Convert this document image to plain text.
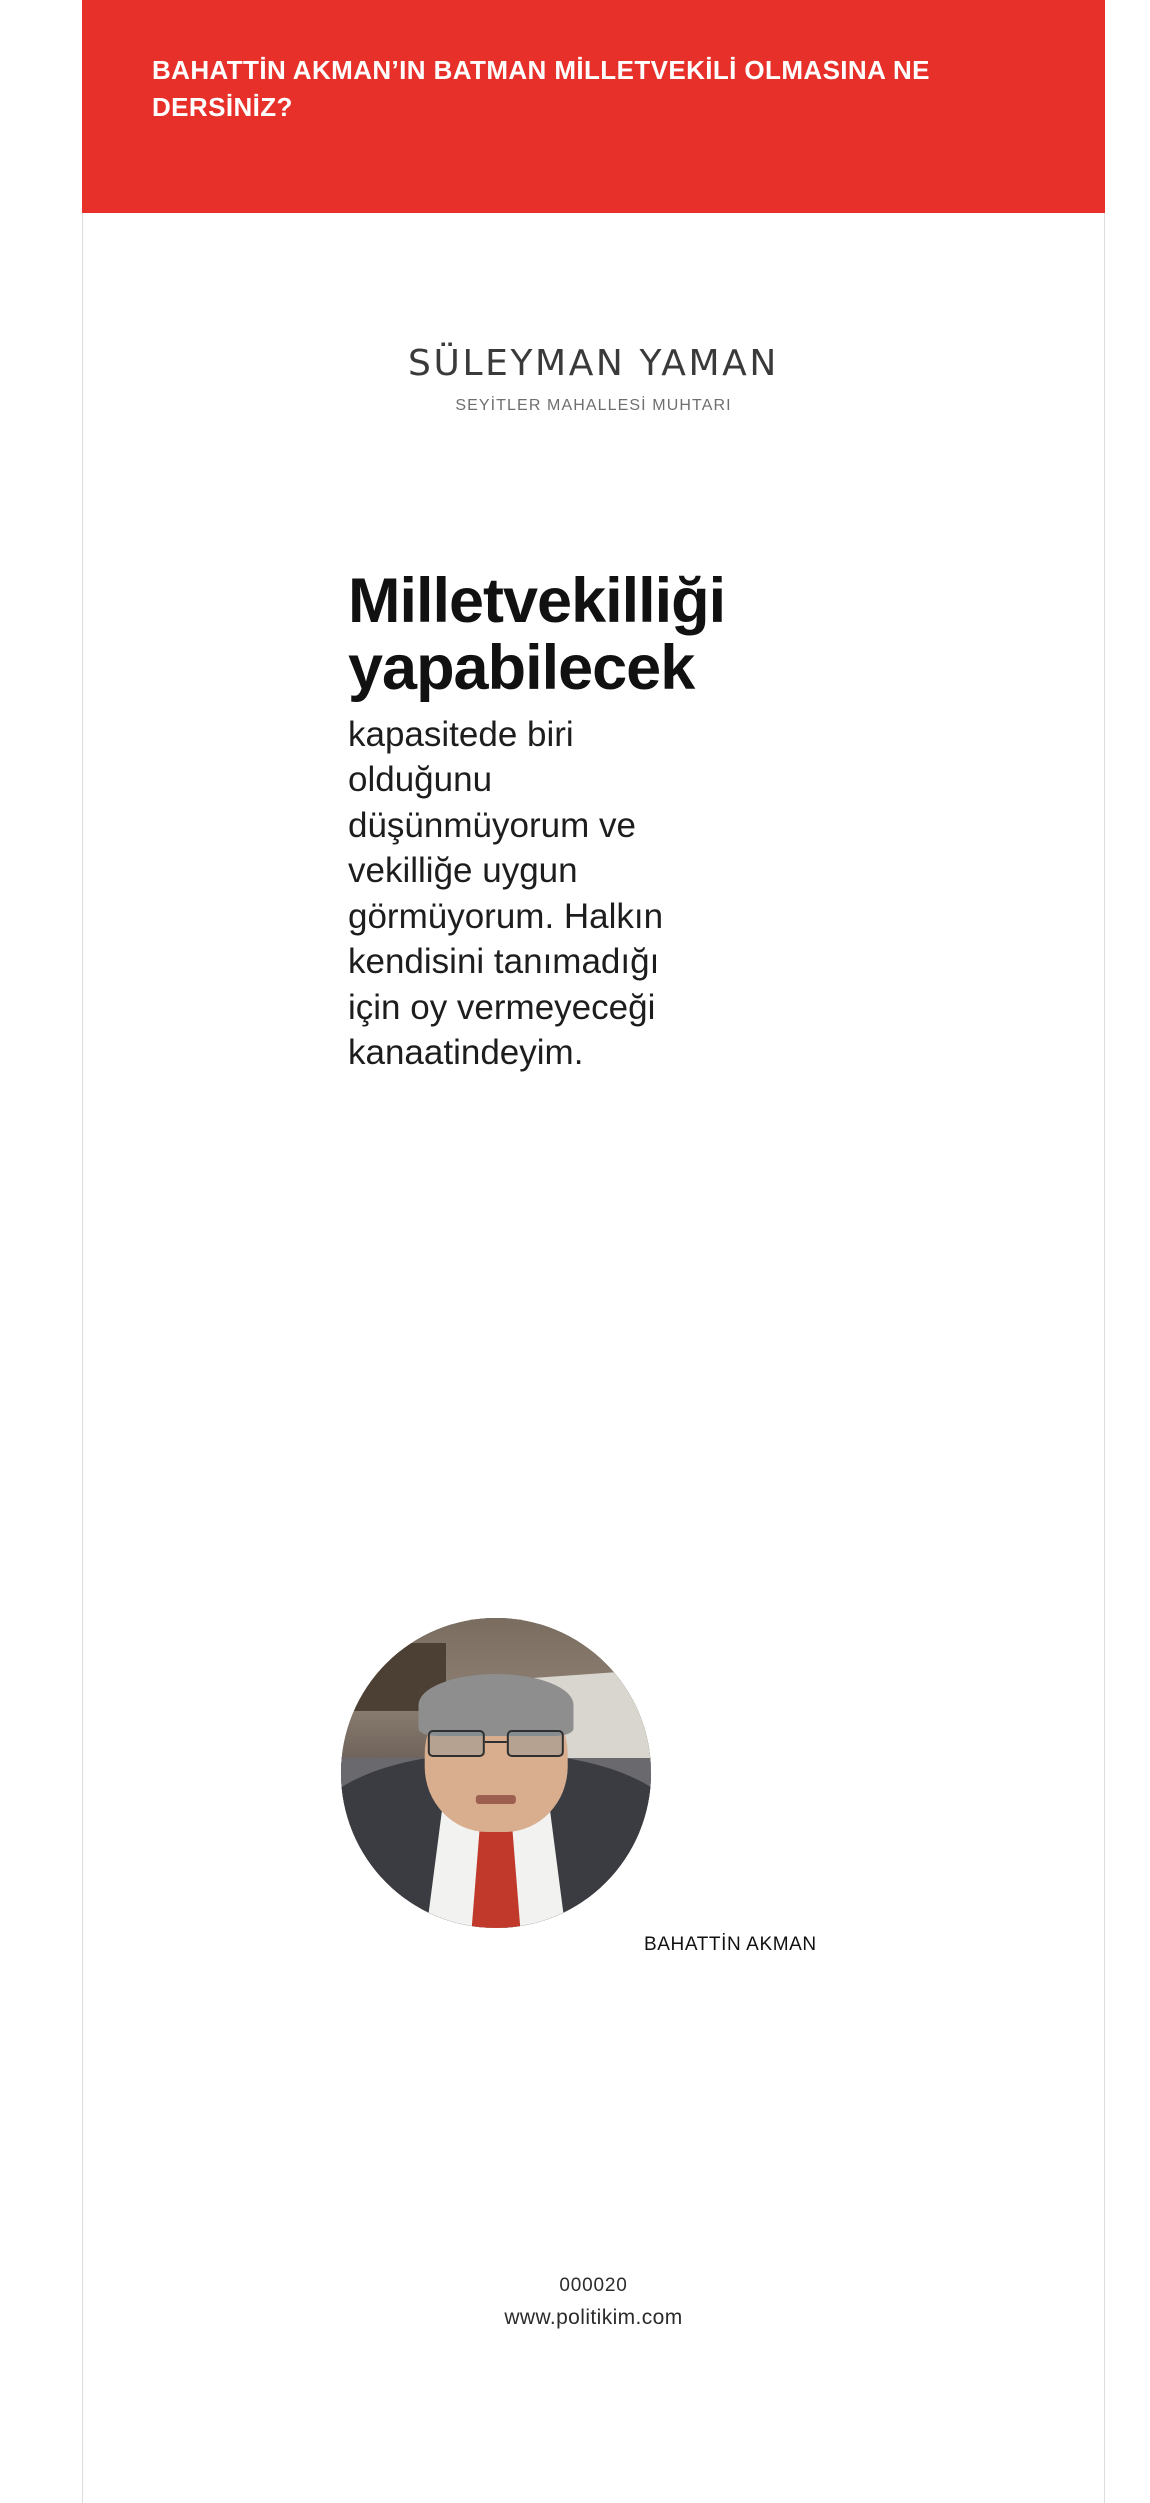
BAHATTİN AKMAN’IN BATMAN MİLLETVEKİLİ OLMASINA NE DERSİNİZ?
SÜLEYMAN YAMAN
SEYİTLER MAHALLESİ MUHTARI
Milletvekilliği yapabilecek
kapasitede biri olduğunu düşünmüyorum ve vekilliğe uygun görmüyorum. Halkın kendisini tanımadığı için oy vermeyeceği kanaatindeyim.
BAHATTİN AKMAN
000020
www.politikim.com
